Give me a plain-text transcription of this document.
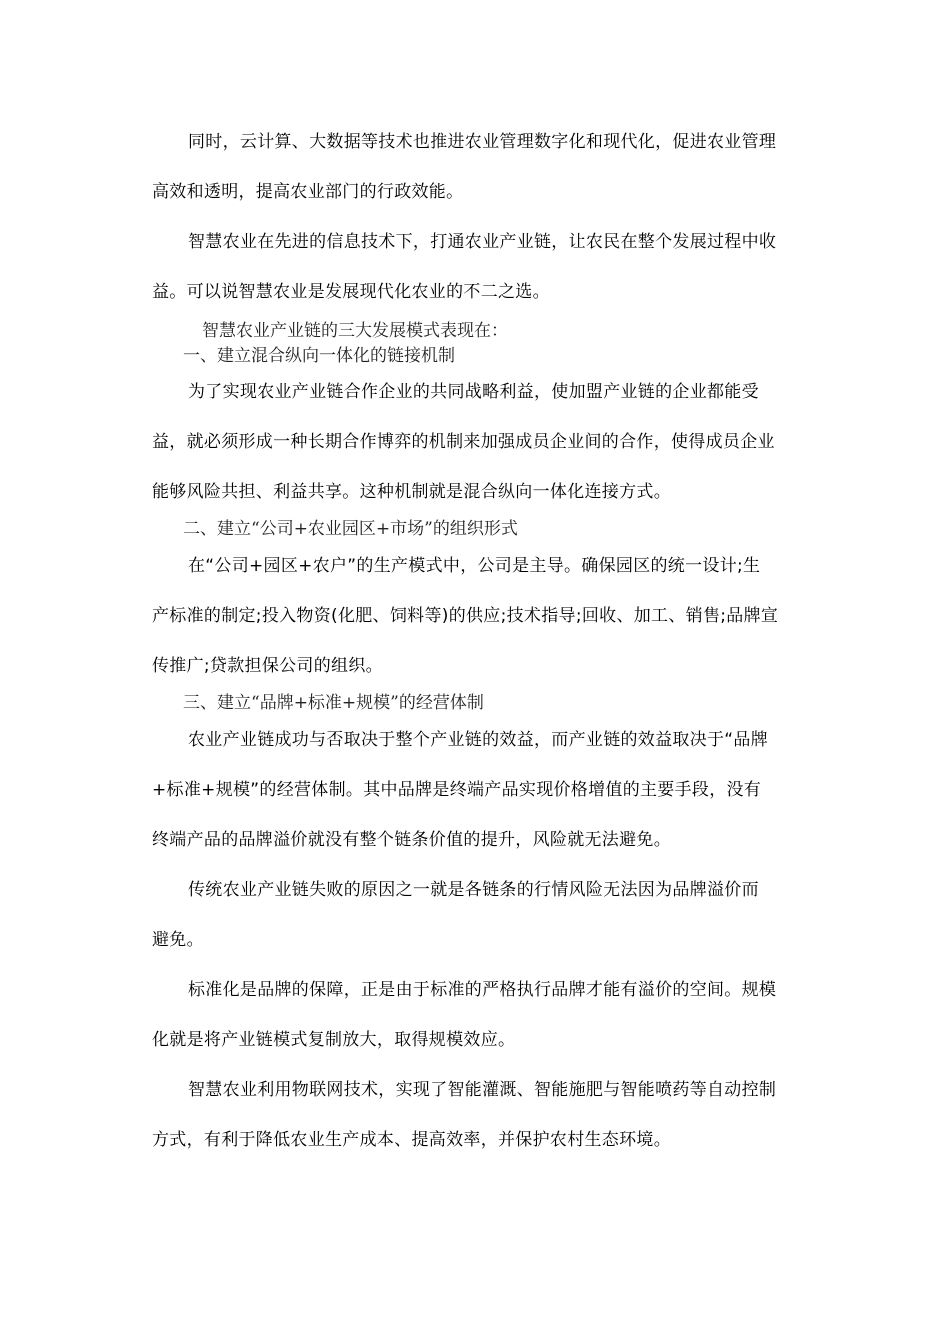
同时，云计算、大数据等技术也推进农业管理数字化和现代化，促进农业管理

高效和透明，提高农业部门的行政效能。

智慧农业在先进的信息技术下，打通农业产业链，让农民在整个发展过程中收

益。可以说智慧农业是发展现代化农业的不二之选。

智慧农业产业链的三大发展模式表现在：

一、建立混合纵向一体化的链接机制

为了实现农业产业链合作企业的共同战略利益，使加盟产业链的企业都能受

益，就必须形成一种长期合作博弈的机制来加强成员企业间的合作，使得成员企业

能够风险共担、利益共享。这种机制就是混合纵向一体化连接方式。

二、建立“公司+农业园区+市场”的组织形式

在“公司+园区+农户”的生产模式中，公司是主导。确保园区的统一设计;生

产标准的制定;投入物资(化肥、饲料等)的供应;技术指导;回收、加工、销售;品牌宣

传推广;贷款担保公司的组织。

三、建立“品牌+标准+规模”的经营体制

农业产业链成功与否取决于整个产业链的效益，而产业链的效益取决于“品牌

+标准+规模”的经营体制。其中品牌是终端产品实现价格增值的主要手段，没有

终端产品的品牌溢价就没有整个链条价值的提升，风险就无法避免。

传统农业产业链失败的原因之一就是各链条的行情风险无法因为品牌溢价而

避免。

标准化是品牌的保障，正是由于标准的严格执行品牌才能有溢价的空间。规模

化就是将产业链模式复制放大，取得规模效应。

智慧农业利用物联网技术，实现了智能灌溉、智能施肥与智能喷药等自动控制

方式，有利于降低农业生产成本、提高效率，并保护农村生态环境。
